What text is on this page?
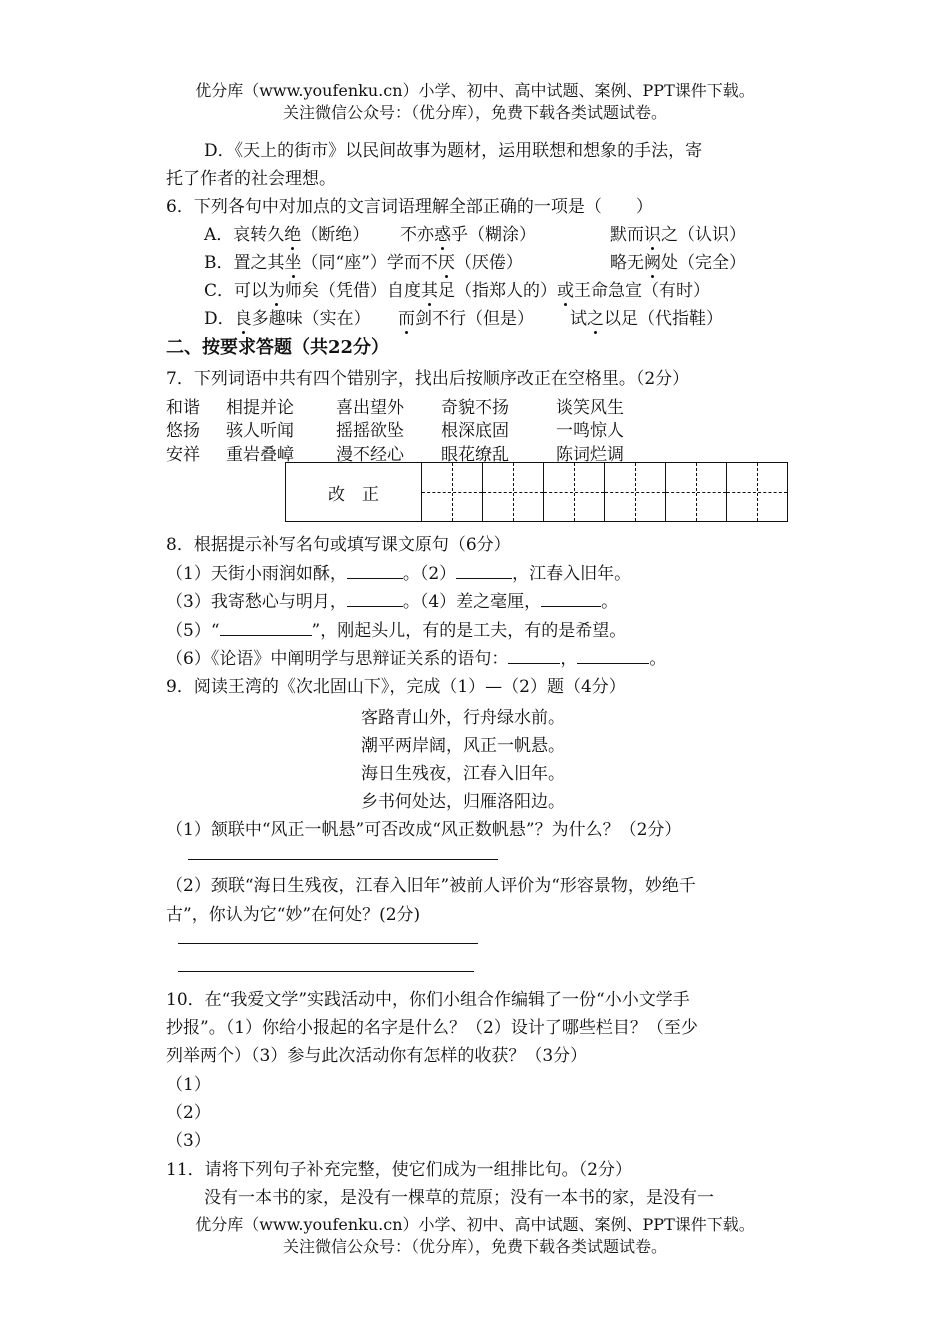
优分库（www.youfenku.cn）小学、初中、高中试题、案例、PPT课件下载。
关注微信公众号：（优分库），免费下载各类试题试卷。
D．《天上的街市》以民间故事为题材，运用联想和想象的手法，寄
托了作者的社会理想。
6．下列各句中对加点的文言词语理解全部正确的一项是（　　）
A．哀转久绝（断绝） 不亦惑乎（糊涂）	默而识之（认识）
B．置之其坐（同“座”）学而不厌（厌倦）	略无阙处（完全）
C．可以为师矣（凭借）自度其足（指郑人的）或王命急宣（有时）
D．良多趣味（实在） 而剑不行（但是） 试之以足（代指鞋）
二、按要求答题（共22分）
7．下列词语中共有四个错别字，找出后按顺序改正在空格里。（2分）
和谐 相提并论 喜出望外 奇貌不扬	谈笑风生
悠扬 骇人听闻 摇摇欲坠 根深底固	一鸣惊人
安祥 重岩叠嶂 漫不经心 眼花缭乱	陈词烂调
改　正	

8．根据提示补写名句或填写课文原句（6分）
（1）天街小雨润如酥，	。（2）	，江春入旧年。
（3）我寄愁心与明月，	。（4）差之毫厘，	。
（5）“	”，刚起头儿，有的是工夫，有的是希望。
（6）《论语》中阐明学与思辩证关系的语句：	，	。
9．阅读王湾的《次北固山下》，完成（1）—（2）题（4分）
客路青山外，行舟绿水前。
潮平两岸阔，风正一帆悬。
海日生残夜，江春入旧年。
乡书何处达，归雁洛阳边。
（1）颔联中“风正一帆悬”可否改成“风正数帆悬”？为什么？（2分）
（2）颈联“海日生残夜，江春入旧年”被前人评价为“形容景物，妙绝千
古”，你认为它“妙”在何处？(2分)
10．在“我爱文学”实践活动中，你们小组合作编辑了一份“小小文学手
抄报”。（1）你给小报起的名字是什么？（2）设计了哪些栏目？（至少
列举两个）（3）参与此次活动你有怎样的收获？（3分）
（1）
（2）
（3）
11．请将下列句子补充完整，使它们成为一组排比句。（2分）
没有一本书的家，是没有一棵草的荒原；没有一本书的家，是没有一
优分库（www.youfenku.cn）小学、初中、高中试题、案例、PPT课件下载。
关注微信公众号：（优分库），免费下载各类试题试卷。
